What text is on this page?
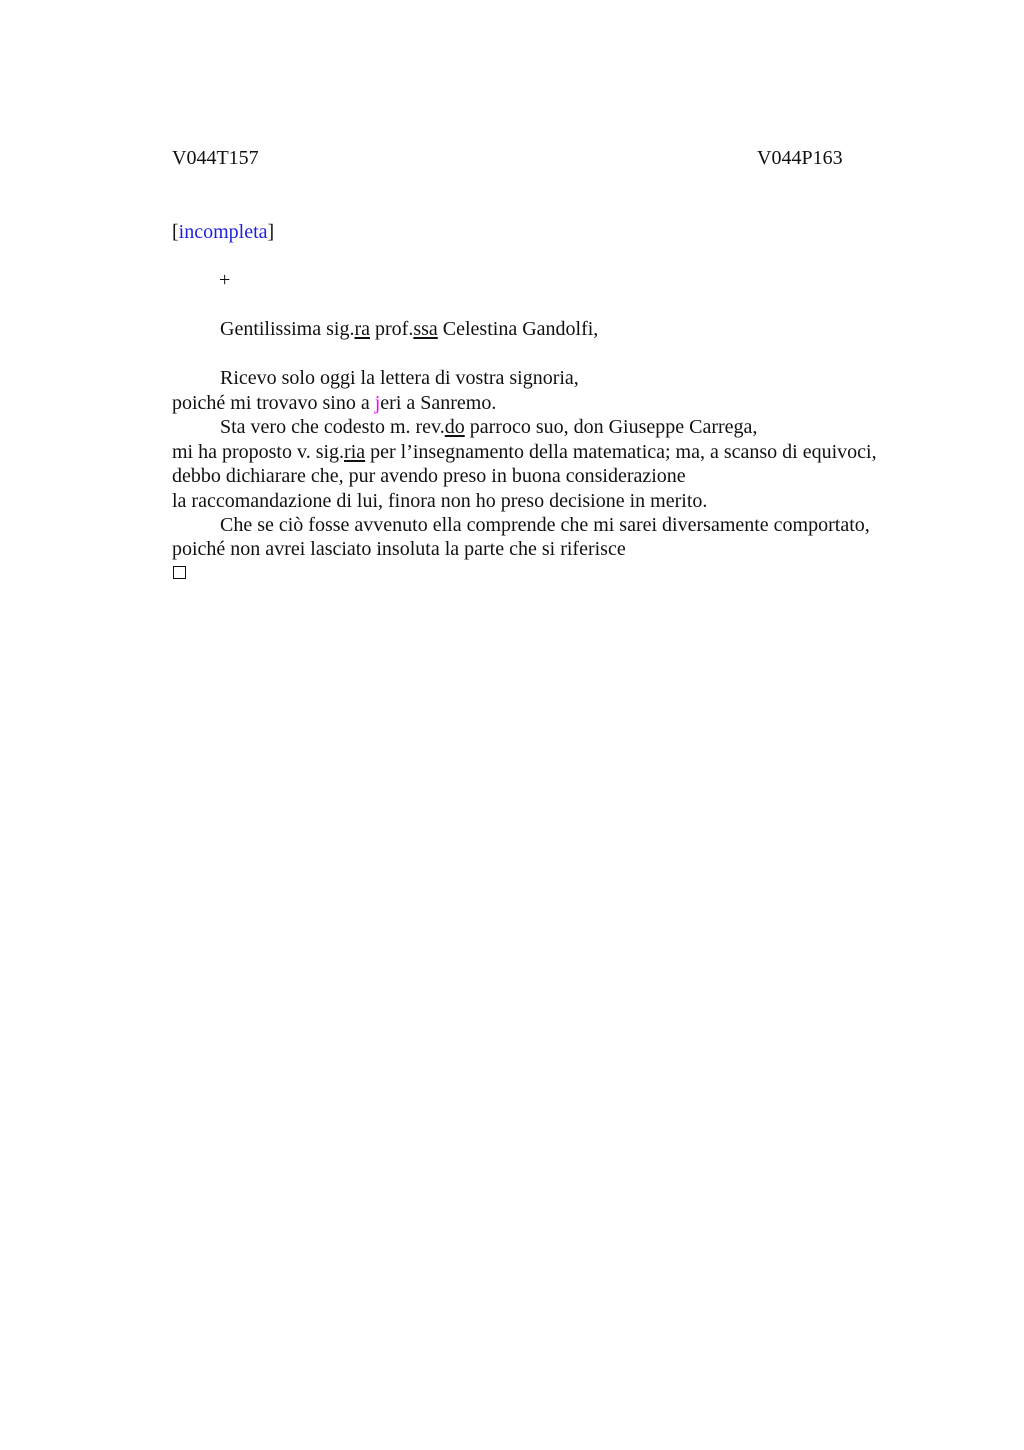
V044T157	V044P163
[incompleta]
+
Gentilissima sig.ra prof.ssa Celestina Gandolfi,
Ricevo solo oggi la lettera di vostra signoria,
poiché mi trovavo sino a jeri a Sanremo.
Sta vero che codesto m. rev.do parroco suo, don Giuseppe Carrega,
mi ha proposto v. sig.ria per l’insegnamento della matematica; ma, a scanso di equivoci,
debbo dichiarare che, pur avendo preso in buona considerazione
la raccomandazione di lui, finora non ho preso decisione in merito.
Che se ciò fosse avvenuto ella comprende che mi sarei diversamente comportato,
poiché non avrei lasciato insoluta la parte che si riferisce
